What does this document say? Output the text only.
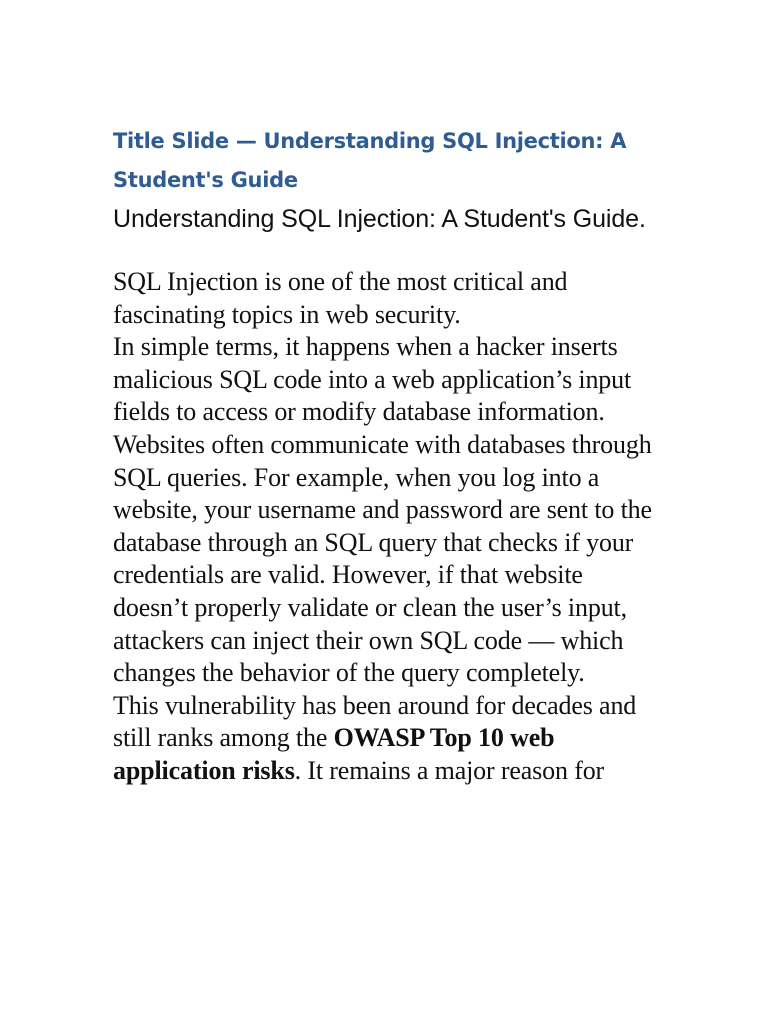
Title Slide — Understanding SQL Injection: A Student's Guide

Understanding SQL Injection: A Student's Guide.

SQL Injection is one of the most critical and fascinating topics in web security.

In simple terms, it happens when a hacker inserts malicious SQL code into a web application’s input fields to access or modify database information.

Websites often communicate with databases through SQL queries. For example, when you log into a website, your username and password are sent to the database through an SQL query that checks if your credentials are valid. However, if that website doesn’t properly validate or clean the user’s input, attackers can inject their own SQL code — which changes the behavior of the query completely.

This vulnerability has been around for decades and still ranks among the OWASP Top 10 web application risks. It remains a major reason for
